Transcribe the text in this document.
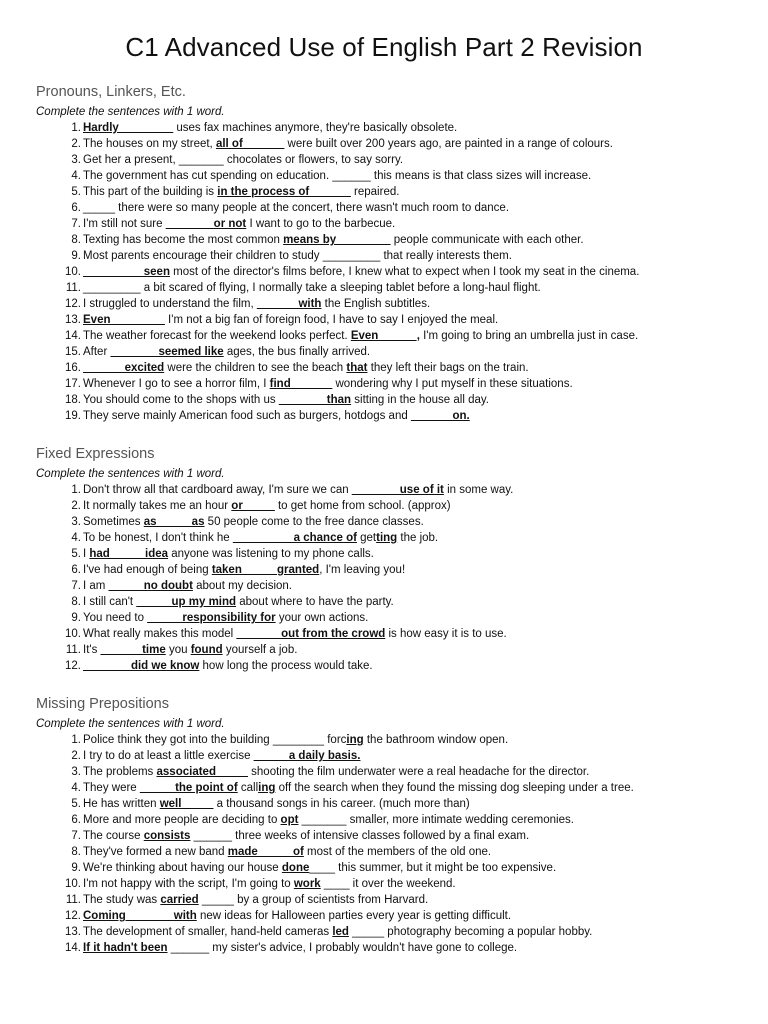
C1 Advanced Use of English Part 2 Revision
Pronouns, Linkers, Etc.

Complete the sentences with 1 word.

1. Hardly ________ uses fax machines anymore, they're basically obsolete.
2. The houses on my street, all of ______ were built over 200 years ago, are painted in a range of colours.
3. Get her a present, _______ chocolates or flowers, to say sorry.
4. The government has cut spending on education. ______ this means is that class sizes will increase.
5. This part of the building is in the process of ______ repaired.
6. _____ there were so many people at the concert, there wasn't much room to dance.
7. I'm still not sure _______ or not I want to go to the barbecue.
8. Texting has become the most common means by ________ people communicate with each other.
9. Most parents encourage their children to study _________ that really interests them.
10. _________ seen most of the director's films before, I knew what to expect when I took my seat in the cinema.
11. _________ a bit scared of flying, I normally take a sleeping tablet before a long-haul flight.
12. I struggled to understand the film, ______ with the English subtitles.
13. Even ________ I'm not a big fan of foreign food, I have to say I enjoyed the meal.
14. The weather forecast for the weekend looks perfect. Even______, I'm going to bring an umbrella just in case.
15. After _______ seemed like ages, the bus finally arrived.
16. ______ excited were the children to see the beach that they left their bags on the train.
17. Whenever I go to see a horror film, I find ______ wondering why I put myself in these situations.
18. You should come to the shops with us _______ than sitting in the house all day.
19. They serve mainly American food such as burgers, hotdogs and ______ on.
Fixed Expressions

Complete the sentences with 1 word.

1. Don't throw all that cardboard away, I'm sure we can _______ use of it in some way.
2. It normally takes me an hour or_____ to get home from school. (approx)
3. Sometimes as_____ as 50 people come to the free dance classes.
4. To be honest, I don't think he _________ a chance of getting the job.
5. I had_____ idea anyone was listening to my phone calls.
6. I've had enough of being taken_____ granted, I'm leaving you!
7. I am _____ no doubt about my decision.
8. I still can't _____ up my mind about where to have the party.
9. You need to _____ responsibility for your own actions.
10. What really makes this model _______out from the crowd is how easy it is to use.
11. It's ______ time you found yourself a job.
12. _______ did we know how long the process would take.
Missing Prepositions

Complete the sentences with 1 word.

1. Police think they got into the building ________ forcing the bathroom window open.
2. I try to do at least a little exercise _____ a daily basis.
3. The problems associated_____ shooting the film underwater were a real headache for the director.
4. They were _____ the point of calling off the search when they found the missing dog sleeping under a tree.
5. He has written well_____ a thousand songs in his career. (much more than)
6. More and more people are deciding to opt _______ smaller, more intimate wedding ceremonies.
7. The course consists ______ three weeks of intensive classes followed by a final exam.
8. They've formed a new band made _____of most of the members of the old one.
9. We're thinking about having our house done____ this summer, but it might be too expensive.
10. I'm not happy with the script, I'm going to work ____ it over the weekend.
11. The study was carried _____ by a group of scientists from Harvard.
12. Coming _______with new ideas for Halloween parties every year is getting difficult.
13. The development of smaller, hand-held cameras led _____ photography becoming a popular hobby.
14. If it hadn't been ______ my sister's advice, I probably wouldn't have gone to college.
